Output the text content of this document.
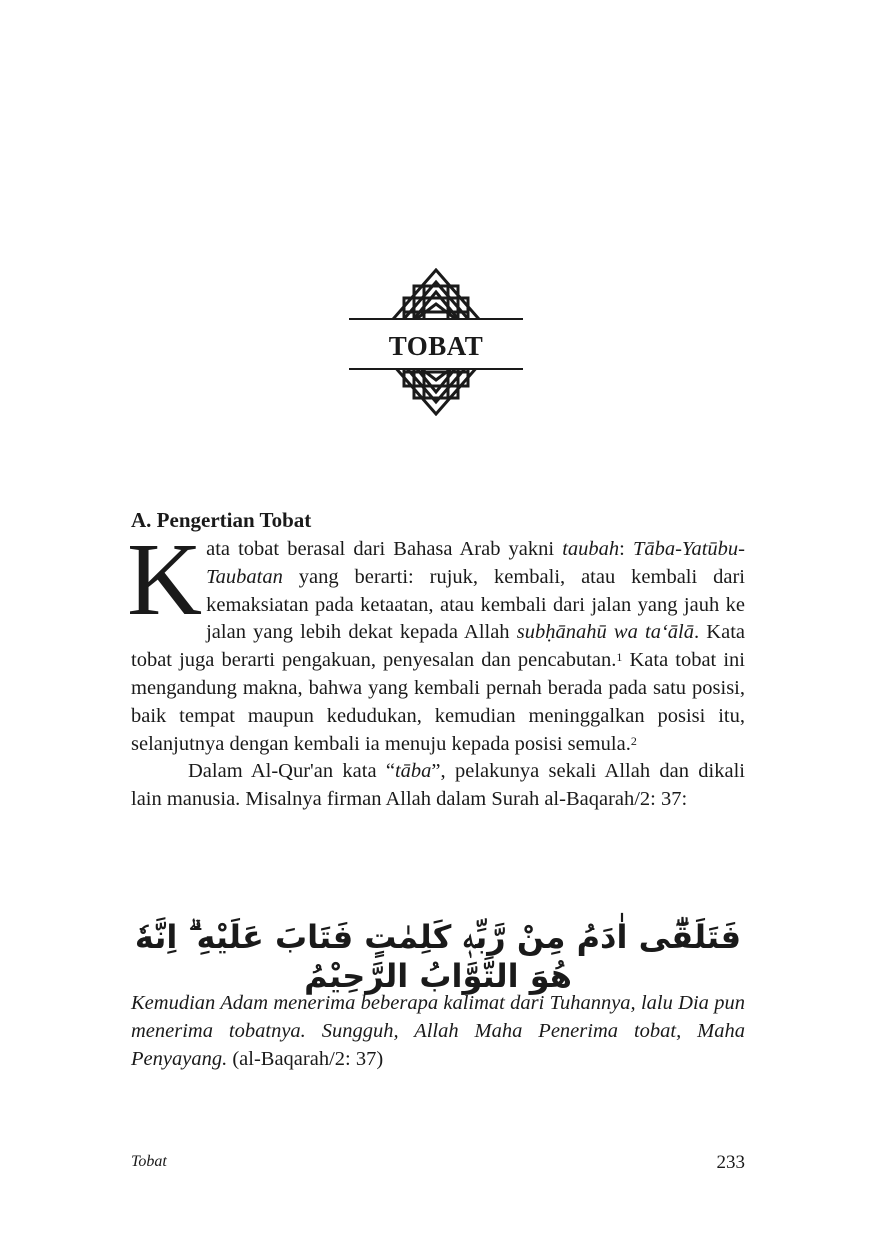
TOBAT
A. Pengertian Tobat

Kata tobat berasal dari Bahasa Arab yakni taubah: Tāba-Yatūbu-Taubatan yang berarti: rujuk, kembali, atau kembali dari kemaksiatan pada ketaatan, atau kembali dari jalan yang jauh ke jalan yang lebih dekat kepada Allah subḥānahū wa ta‘ālā. Kata tobat juga berarti pengakuan, penyesalan dan pencabutan.$^1$ Kata tobat ini mengandung makna, bahwa yang kembali pernah berada pada satu posisi, baik tempat maupun kedudukan, kemudian meninggalkan posisi itu, selanjutnya dengan kembali ia menuju kepada posisi semula.$^2$

Dalam Al-Qur'an kata “tāba”, pelakunya sekali Allah dan dikali lain manusia. Misalnya firman Allah dalam Surah al-Baqarah/2: 37:

فَتَلَقّٰٓى اٰدَمُ مِنْ رَّبِّهٖ كَلِمٰتٍ فَتَابَ عَلَيْهِ ۗ اِنَّهٗ هُوَ التَّوَّابُ الرَّحِيْمُ
Kemudian Adam menerima beberapa kalimat dari Tuhannya, lalu Dia pun menerima tobatnya. Sungguh, Allah Maha Penerima tobat, Maha Penyayang. (al-Baqarah/2: 37)
Tobat	233
